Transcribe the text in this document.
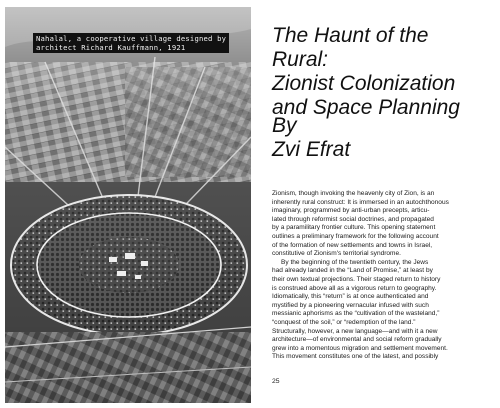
Nahalal, a cooperative village designed by
architect Richard Kauffmann, 1921
The Haunt of the Rural:
Zionist Colonization
and Space Planning
By
Zvi Efrat

Zionism, though invoking the heavenly city of Zion, is an
inherently rural construct: It is immersed in an autochthonous
imaginary, programmed by anti-urban precepts, articu-
lated through reformist social doctrines, and propagated
by a paramilitary frontier culture. This opening statement
outlines a preliminary framework for the following account
of the formation of new settlements and towns in Israel,
constitutive of Zionism's territorial syndrome.

By the beginning of the twentieth century, the Jews
had already landed in the “Land of Promise,” at least by
their own textual projections. Their staged return to history
is construed above all as a vigorous return to geography.
Idiomatically, this “return” is at once authenticated and
mystified by a pioneering vernacular infused with such
messianic aphorisms as the “cultivation of the wasteland,”
“conquest of the soil,” or “redemption of the land.”
Structurally, however, a new language—and with it a new
architecture—of environmental and social reform gradually
grew into a momentous migration and settlement movement.
This movement constitutes one of the latest, and possibly

25
